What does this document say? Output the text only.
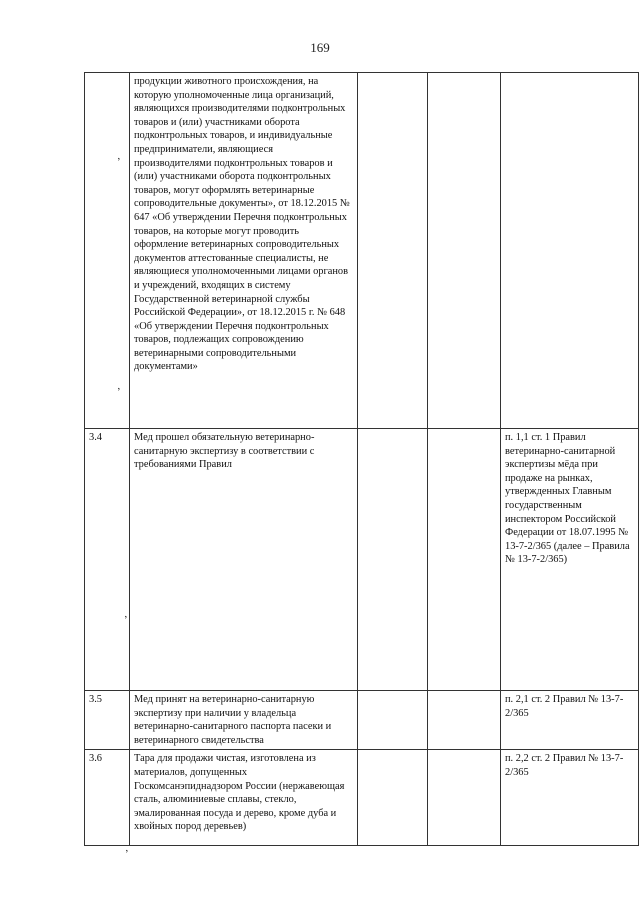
169
	продукции животного происхождения, на которую уполномоченные лица организаций, являющихся производителями подконтрольных товаров и (или) участниками оборота подконтрольных товаров, и индивидуальные предприниматели, являющиеся производителями подконтрольных товаров и (или) участниками оборота подконтрольных товаров, могут оформлять ветеринарные сопроводительные документы», от 18.12.2015 № 647 «Об утверждении Перечня подконтрольных товаров, на которые могут проводить оформление ветеринарных сопроводительных документов аттестованные специалисты, не являющиеся уполномоченными лицами органов и учреждений, входящих в систему Государственной ветеринарной службы Российской Федерации», от 18.12.2015 г. № 648 «Об утверждении Перечня подконтрольных товаров, подлежащих сопровождению ветеринарными сопроводительными документами»			
3.4	Мед прошел обязательную ветеринарно-санитарную экспертизу в соответствии с требованиями Правил			п. 1,1 ст. 1 Правил ветеринарно-санитарной экспертизы мёда при продаже на рынках, утвержденных Главным государственным инспектором Российской Федерации от 18.07.1995 № 13-7-2/365 (далее – Правила № 13-7-2/365)
3.5	Мед принят на ветеринарно-санитарную экспертизу при наличии у владельца ветеринарно-санитарного паспорта пасеки и ветеринарного свидетельства			п. 2,1 ст. 2 Правил № 13-7-2/365
3.6	Тара для продажи чистая, изготовлена из материалов, допущенных Госкомсанэпиднадзором России (нержавеющая сталь, алюминиевые сплавы, стекло, эмалированная посуда и дерево, кроме дуба и хвойных пород деревьев)			п. 2,2 ст. 2 Правил № 13-7-2/365
,
,
,
,
